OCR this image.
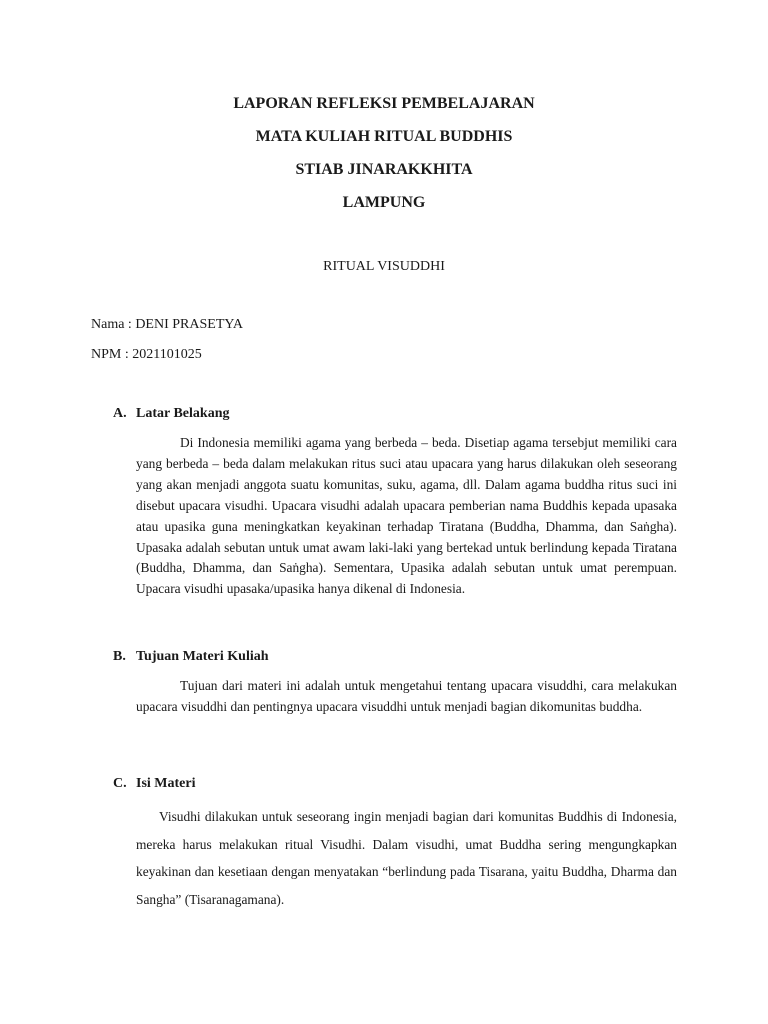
LAPORAN REFLEKSI PEMBELAJARAN
MATA KULIAH RITUAL BUDDHIS
STIAB JINARAKKHITA
LAMPUNG
RITUAL VISUDDHI
Nama : DENI PRASETYA
NPM : 2021101025
A. Latar Belakang

Di Indonesia memiliki agama yang berbeda – beda. Disetiap agama tersebjut memiliki cara yang berbeda – beda dalam melakukan ritus suci atau upacara yang harus dilakukan oleh seseorang yang akan menjadi anggota suatu komunitas, suku, agama, dll. Dalam agama buddha ritus suci ini disebut upacara visudhi. Upacara visudhi adalah upacara pemberian nama Buddhis kepada upasaka atau upasika guna meningkatkan keyakinan terhadap Tiratana (Buddha, Dhamma, dan Saṅgha). Upasaka adalah sebutan untuk umat awam laki-laki yang bertekad untuk berlindung kepada Tiratana (Buddha, Dhamma, dan Saṅgha). Sementara, Upasika adalah sebutan untuk umat perempuan. Upacara visudhi upasaka/upasika hanya dikenal di Indonesia.

B. Tujuan Materi Kuliah

Tujuan dari materi ini adalah untuk mengetahui tentang upacara visuddhi, cara melakukan upacara visuddhi dan pentingnya upacara visuddhi untuk menjadi bagian dikomunitas buddha.

C. Isi Materi

Visudhi dilakukan untuk seseorang ingin menjadi bagian dari komunitas Buddhis di Indonesia, mereka harus melakukan ritual Visudhi. Dalam visudhi, umat Buddha sering mengungkapkan keyakinan dan kesetiaan dengan menyatakan “berlindung pada Tisarana, yaitu Buddha, Dharma dan Sangha” (Tisaranagamana).
